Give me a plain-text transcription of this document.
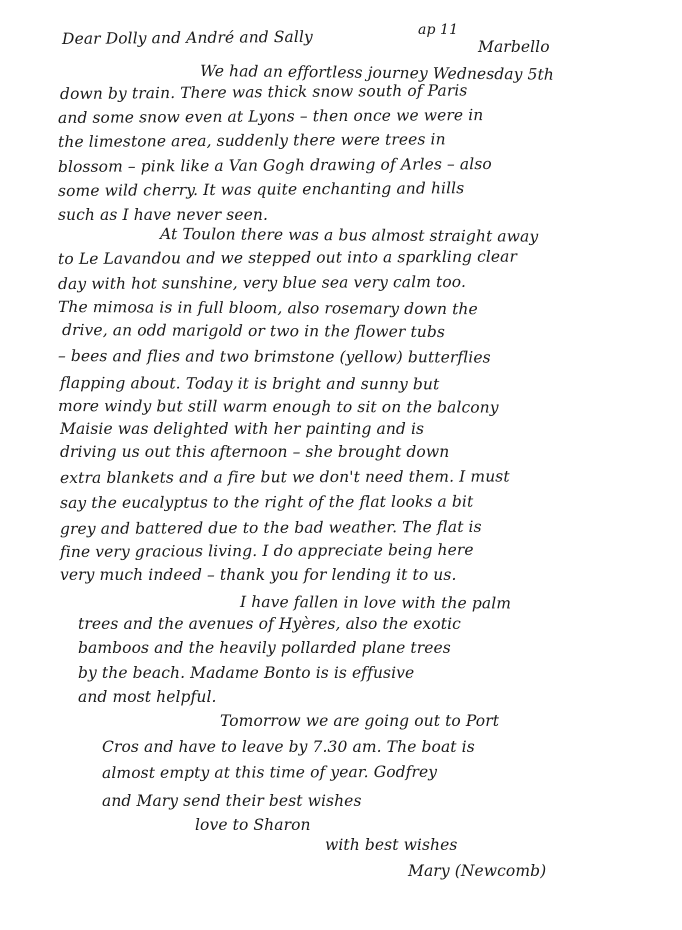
Dear Dolly and André and Sally	ap 11
Marbello
We had an effortless journey Wednesday 5th
down by train. There was thick snow south of Paris
and some snow even at Lyons – then once we were in
the limestone area, suddenly there were trees in
blossom – pink like a Van Gogh drawing of Arles – also
some wild cherry. It was quite enchanting and hills
such as I have never seen.
At Toulon there was a bus almost straight away
to Le Lavandou and we stepped out into a sparkling clear
day with hot sunshine, very blue sea very calm too.
The mimosa is in full bloom, also rosemary down the
drive, an odd marigold or two in the flower tubs
– bees and flies and two brimstone (yellow) butterflies
flapping about. Today it is bright and sunny but
more windy but still warm enough to sit on the balcony
Maisie was delighted with her painting and is
driving us out this afternoon – she brought down
extra blankets and a fire but we don't need them. I must
say the eucalyptus to the right of the flat looks a bit
grey and battered due to the bad weather. The flat is
fine very gracious living. I do appreciate being here
very much indeed – thank you for lending it to us.
I have fallen in love with the palm
trees and the avenues of Hyères, also the exotic
bamboos and the heavily pollarded plane trees
by the beach. Madame Bonto is is effusive
and most helpful.
Tomorrow we are going out to Port
Cros and have to leave by 7.30 am. The boat is
almost empty at this time of year. Godfrey
and Mary send their best wishes
love to Sharon
with best wishes
Mary (Newcomb)
